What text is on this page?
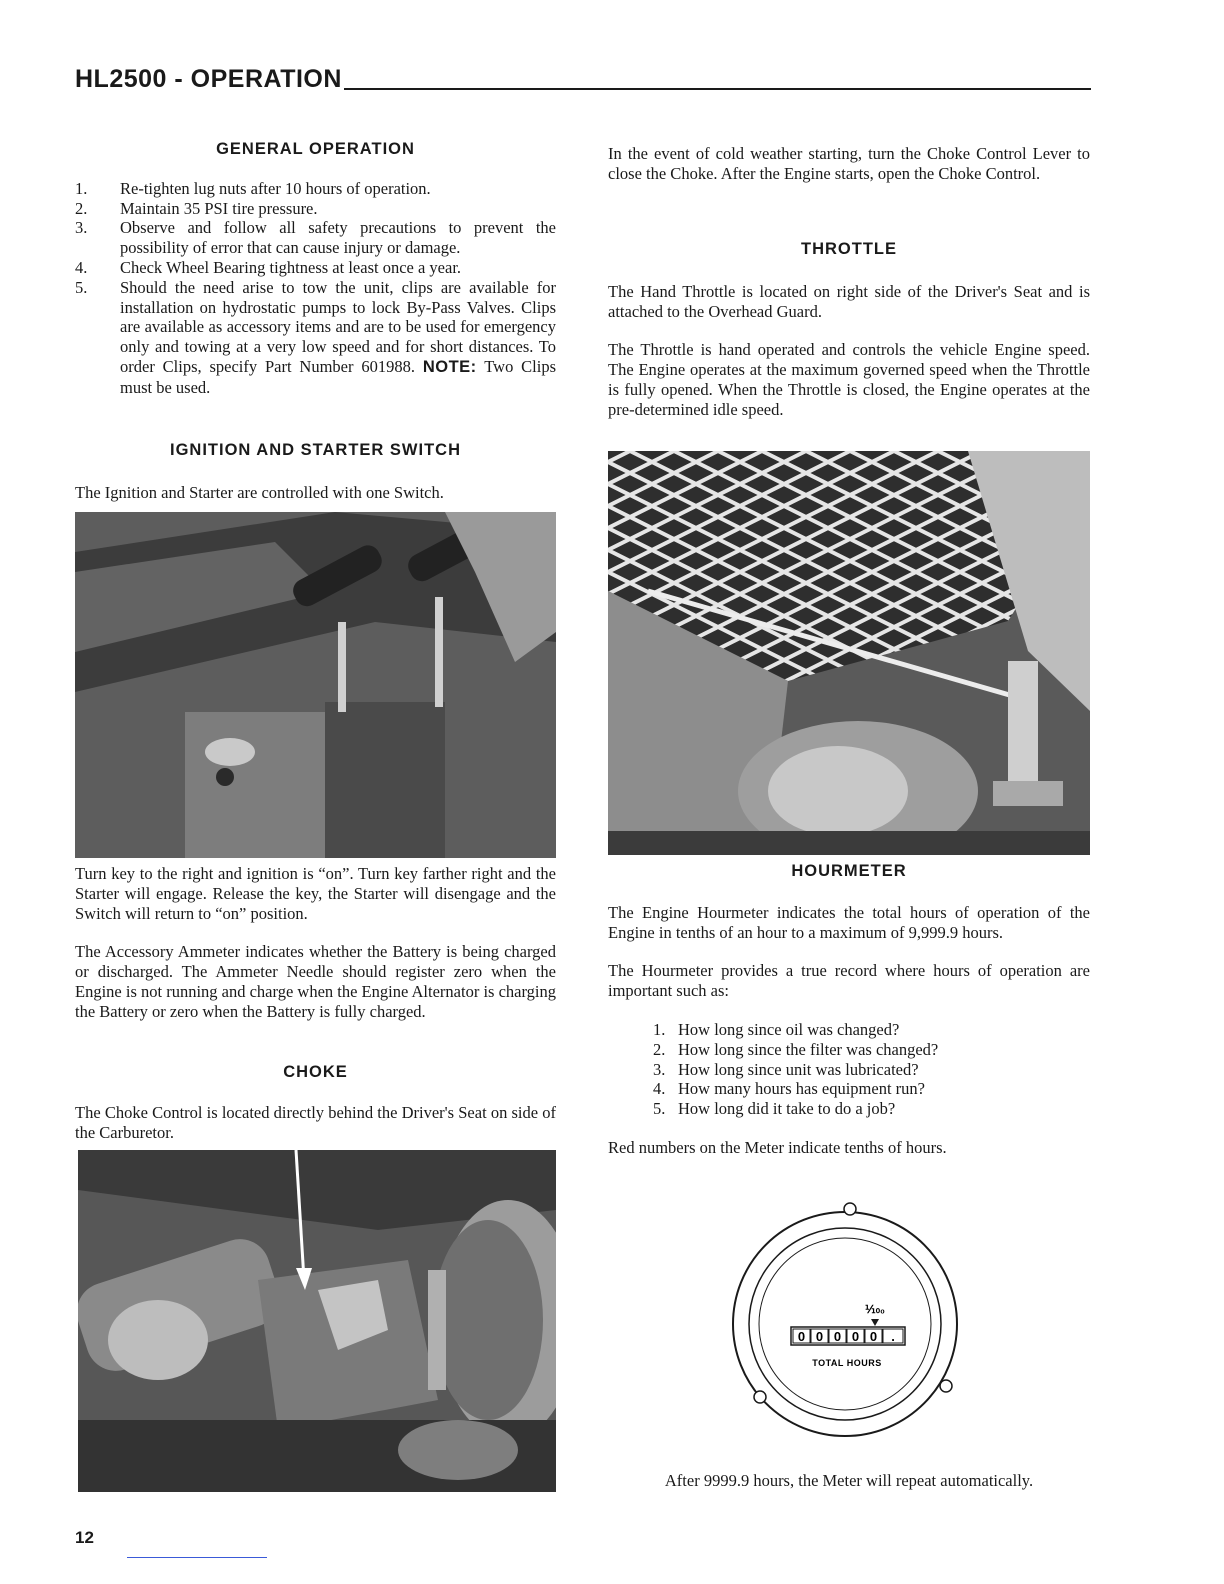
HL2500 - OPERATION
GENERAL OPERATION
1.	Re-tighten lug nuts after 10 hours of operation.
2.	Maintain 35 PSI tire pressure.
3.	Observe and follow all safety precautions to prevent the possibility of error that can cause injury or damage.
4.	Check Wheel Bearing tightness at least once a year.
5.	Should the need arise to tow the unit, clips are available for installation on hydrostatic pumps to lock By-Pass Valves. Clips are available as accessory items and are to be used for emergency only and towing at a very low speed and for short distances. To order Clips, specify Part Number 601988. NOTE: Two Clips must be used.
IGNITION AND STARTER SWITCH

The Ignition and Starter are controlled with one Switch.

Turn key to the right and ignition is “on”. Turn key farther right and the Starter will engage. Release the key, the Starter will disengage and the Switch will return to “on” position.

The Accessory Ammeter indicates whether the Battery is being charged or discharged. The Ammeter Needle should register zero when the Engine is not running and charge when the Engine Alternator is charging the Battery or zero when the Battery is fully charged.

CHOKE

The Choke Control is located directly behind the Driver's Seat on side of the Carburetor.

In the event of cold weather starting, turn the Choke Control Lever to close the Choke. After the Engine starts, open the Choke Control.

THROTTLE

The Hand Throttle is located on right side of the Driver's Seat and is attached to the Overhead Guard.

The Throttle is hand operated and controls the vehicle Engine speed. The Engine operates at the maximum governed speed when the Throttle is fully opened. When the Throttle is closed, the Engine operates at the pre-determined idle speed.

HOURMETER

The Engine Hourmeter indicates the total hours of operation of the Engine in tenths of an hour to a maximum of 9,999.9 hours.

The Hourmeter provides a true record where hours of operation are important such as:

1. How long since oil was changed?
2. How long since the filter was changed?
3. How long since unit was lubricated?
4. How many hours has equipment run?
5. How long did it take to do a job?

Red numbers on the Meter indicate tenths of hours.

⅒₀
0 0 0 0 0 .
TOTAL HOURS

After 9999.9 hours, the Meter will repeat automatically.

12
